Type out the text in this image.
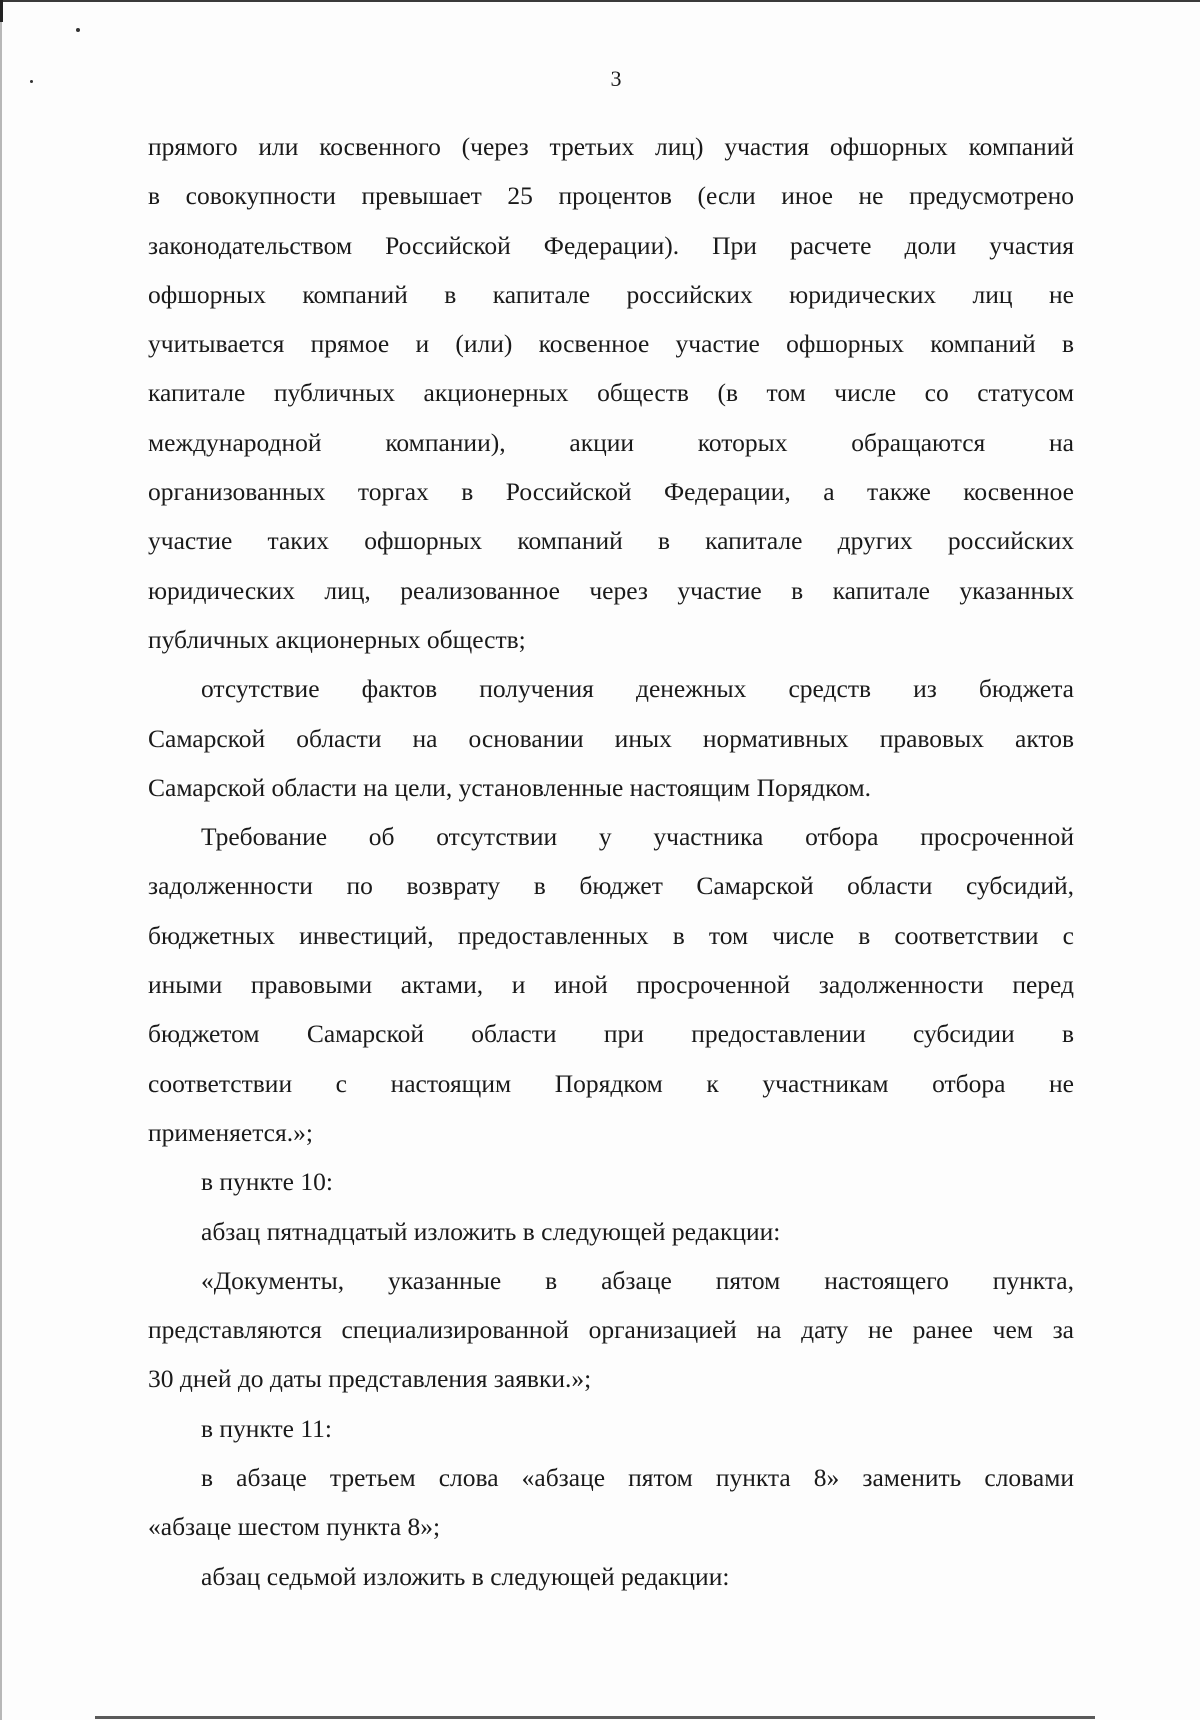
3
прямого или косвенного (через третьих лиц) участия офшорных компаний
в совокупности превышает 25 процентов (если иное не предусмотрено
законодательством Российской Федерации). При расчете доли участия
офшорных компаний в капитале российских юридических лиц не
учитывается прямое и (или) косвенное участие офшорных компаний в
капитале публичных акционерных обществ (в том числе со статусом
международной компании), акции которых обращаются на
организованных торгах в Российской Федерации, а также косвенное
участие таких офшорных компаний в капитале других российских
юридических лиц, реализованное через участие в капитале указанных
публичных акционерных обществ;
отсутствие фактов получения денежных средств из бюджета
Самарской области на основании иных нормативных правовых актов
Самарской области на цели, установленные настоящим Порядком.
Требование об отсутствии у участника отбора просроченной
задолженности по возврату в бюджет Самарской области субсидий,
бюджетных инвестиций, предоставленных в том числе в соответствии с
иными правовыми актами, и иной просроченной задолженности перед
бюджетом Самарской области при предоставлении субсидии в
соответствии с настоящим Порядком к участникам отбора не
применяется.»;
в пункте 10:
абзац пятнадцатый изложить в следующей редакции:
«Документы, указанные в абзаце пятом настоящего пункта,
представляются специализированной организацией на дату не ранее чем за
30 дней до даты представления заявки.»;
в пункте 11:
в абзаце третьем слова «абзаце пятом пункта 8» заменить словами
«абзаце шестом пункта 8»;
абзац седьмой изложить в следующей редакции:
